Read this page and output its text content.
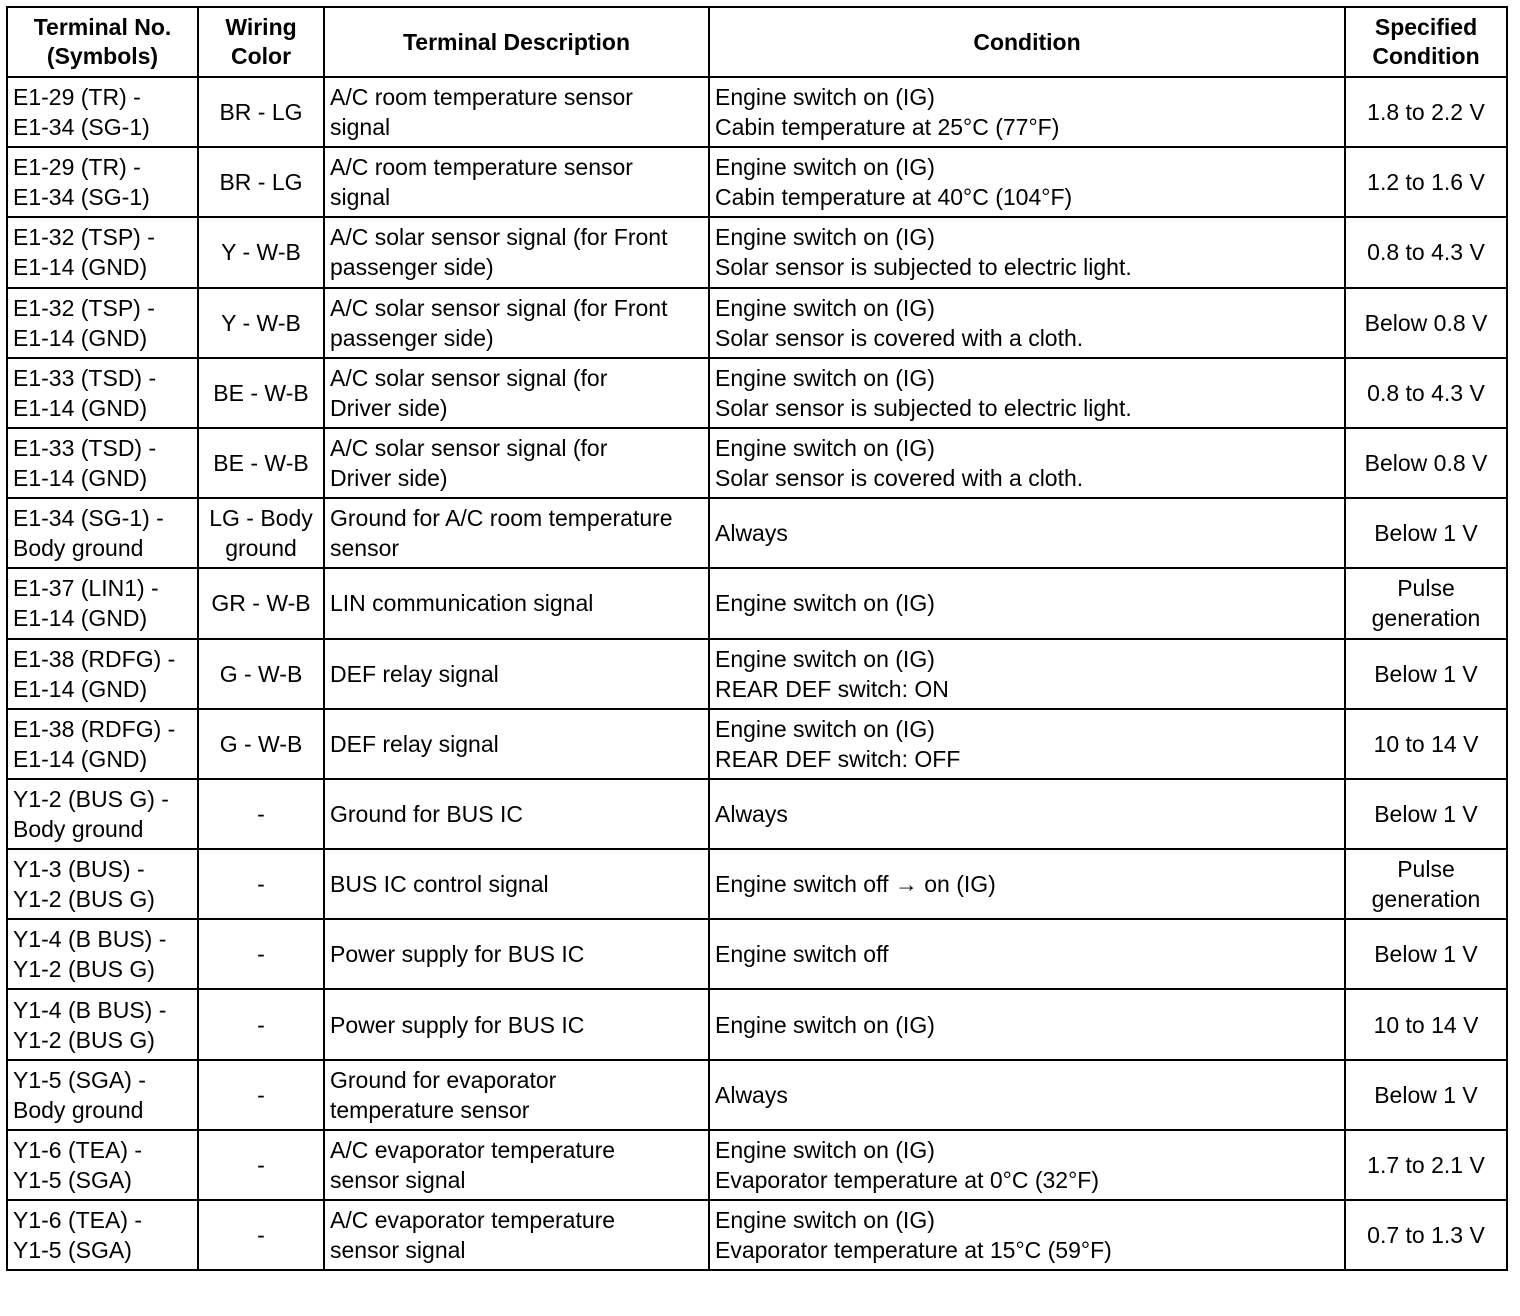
Terminal No.
(Symbols)	Wiring
Color	Terminal Description	Condition	Specified
Condition

E1-29 (TR) -
E1-34 (SG-1)	BR - LG	A/C room temperature sensor
signal	Engine switch on (IG)
Cabin temperature at 25°C (77°F)	1.8 to 2.2 V

E1-29 (TR) -
E1-34 (SG-1)	BR - LG	A/C room temperature sensor
signal	Engine switch on (IG)
Cabin temperature at 40°C (104°F)	1.2 to 1.6 V

E1-32 (TSP) -
E1-14 (GND)	Y - W-B	A/C solar sensor signal (for Front
passenger side)	Engine switch on (IG)
Solar sensor is subjected to electric light.	0.8 to 4.3 V

E1-32 (TSP) -
E1-14 (GND)	Y - W-B	A/C solar sensor signal (for Front
passenger side)	Engine switch on (IG)
Solar sensor is covered with a cloth.	Below 0.8 V

E1-33 (TSD) -
E1-14 (GND)	BE - W-B	A/C solar sensor signal (for
Driver side)	Engine switch on (IG)
Solar sensor is subjected to electric light.	0.8 to 4.3 V

E1-33 (TSD) -
E1-14 (GND)	BE - W-B	A/C solar sensor signal (for
Driver side)	Engine switch on (IG)
Solar sensor is covered with a cloth.	Below 0.8 V

E1-34 (SG-1) -
Body ground	LG - Body
ground	Ground for A/C room temperature
sensor	Always	Below 1 V

E1-37 (LIN1) -
E1-14 (GND)	GR - W-B	LIN communication signal	Engine switch on (IG)	Pulse
generation

E1-38 (RDFG) -
E1-14 (GND)	G - W-B	DEF relay signal	Engine switch on (IG)
REAR DEF switch: ON	Below 1 V

E1-38 (RDFG) -
E1-14 (GND)	G - W-B	DEF relay signal	Engine switch on (IG)
REAR DEF switch: OFF	10 to 14 V

Y1-2 (BUS G) -
Body ground	-	Ground for BUS IC	Always	Below 1 V

Y1-3 (BUS) -
Y1-2 (BUS G)	-	BUS IC control signal	Engine switch off → on (IG)	Pulse
generation

Y1-4 (B BUS) -
Y1-2 (BUS G)	-	Power supply for BUS IC	Engine switch off	Below 1 V

Y1-4 (B BUS) -
Y1-2 (BUS G)	-	Power supply for BUS IC	Engine switch on (IG)	10 to 14 V

Y1-5 (SGA) -
Body ground	-	Ground for evaporator
temperature sensor	Always	Below 1 V

Y1-6 (TEA) -
Y1-5 (SGA)	-	A/C evaporator temperature
sensor signal	Engine switch on (IG)
Evaporator temperature at 0°C (32°F)	1.7 to 2.1 V

Y1-6 (TEA) -
Y1-5 (SGA)	-	A/C evaporator temperature
sensor signal	Engine switch on (IG)
Evaporator temperature at 15°C (59°F)	0.7 to 1.3 V
